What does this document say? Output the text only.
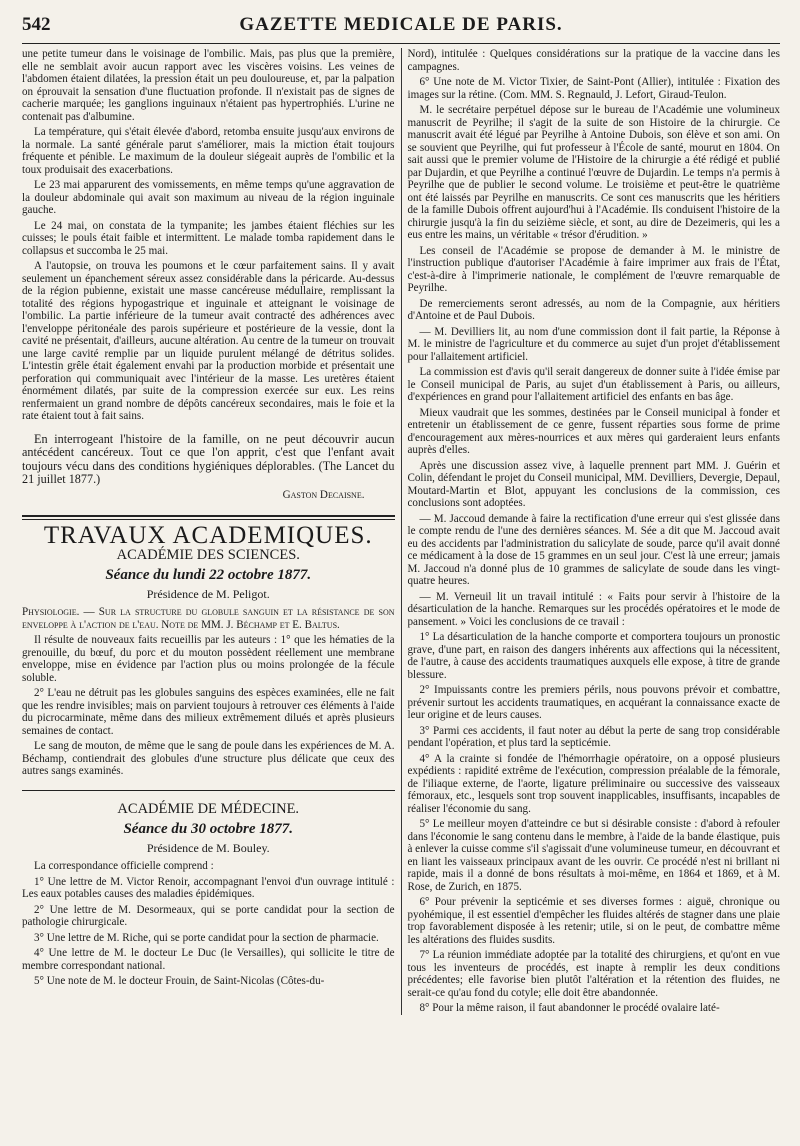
542	GAZETTE MEDICALE DE PARIS.

une petite tumeur dans le voisinage de l'ombilic. Mais, pas plus que la première, elle ne semblait avoir aucun rapport avec les viscères voisins. Les veines de l'abdomen étaient dilatées, la pression était un peu douloureuse, et, par la palpation on éprouvait la sensation d'une fluctuation profonde. Il n'existait pas de signes de cacherie marquée; les ganglions inguinaux n'étaient pas hypertrophiés. L'urine ne contenait pas d'albumine.

La température, qui s'était élevée d'abord, retomba ensuite jusqu'aux environs de la normale. La santé générale parut s'améliorer, mais la miction était toujours fréquente et pénible. Le maximum de la douleur siégeait auprès de l'ombilic et la toux produisait des exacerbations.

Le 23 mai apparurent des vomissements, en même temps qu'une aggravation de la douleur abdominale qui avait son maximum au niveau de la région inguinale gauche.

Le 24 mai, on constata de la tympanite; les jambes étaient fléchies sur les cuisses; le pouls était faible et intermittent. Le malade tomba rapidement dans le collapsus et succomba le 25 mai.

A l'autopsie, on trouva les poumons et le cœur parfaitement sains. Il y avait seulement un épanchement séreux assez considérable dans la péricarde. Au-dessus de la région pubienne, existait une masse cancéreuse médullaire, remplissant la totalité des régions hypogastrique et inguinale et atteignant le voisinage de l'ombilic. La partie inférieure de la tumeur avait contracté des adhérences avec l'enveloppe péritonéale des parois supérieure et postérieure de la vessie, dont la cavité ne présentait, d'ailleurs, aucune altération. Au centre de la tumeur on trouvait une large cavité remplie par un liquide purulent mélangé de détritus solides. L'intestin grêle était également envahi par la production morbide et présentait une perforation qui communiquait avec l'intérieur de la masse. Les uretères étaient énormément dilatés, par suite de la compression exercée sur eux. Les reins renfermaient un grand nombre de dépôts cancéreux secondaires, mais le foie et la rate étaient tout à fait sains.

En interrogeant l'histoire de la famille, on ne peut découvrir aucun antécédent cancéreux. Tout ce que l'on apprit, c'est que l'enfant avait toujours vécu dans des conditions hygiéniques déplorables. (The Lancet du 21 juillet 1877.)

Gaston Decaisne.

TRAVAUX ACADEMIQUES.
ACADÉMIE DES SCIENCES.
Séance du lundi 22 octobre 1877.
Présidence de M. Peligot.

Physiologie. — Sur la structure du globule sanguin et la résistance de son enveloppe à l'action de l'eau. Note de MM. J. Béchamp et E. Baltus.

Il résulte de nouveaux faits recueillis par les auteurs : 1° que les hématies de la grenouille, du bœuf, du porc et du mouton possèdent réellement une membrane enveloppe, mise en évidence par l'action plus ou moins prolongée de la fécule soluble.

2° L'eau ne détruit pas les globules sanguins des espèces examinées, elle ne fait que les rendre invisibles; mais on parvient toujours à retrouver ces éléments à l'aide du picrocarminate, même dans des milieux extrêmement dilués et après plusieurs semaines de contact.

Le sang de mouton, de même que le sang de poule dans les expériences de M. A. Béchamp, contiendrait des globules d'une structure plus délicate que ceux des autres sangs examinés.

ACADÉMIE DE MÉDECINE.
Séance du 30 octobre 1877.
Présidence de M. Bouley.

La correspondance officielle comprend :

1° Une lettre de M. Victor Renoir, accompagnant l'envoi d'un ouvrage intitulé : Les eaux potables causes des maladies épidémiques.

2° Une lettre de M. Desormeaux, qui se porte candidat pour la section de pathologie chirurgicale.

3° Une lettre de M. Riche, qui se porte candidat pour la section de pharmacie.

4° Une lettre de M. le docteur Le Duc (le Versailles), qui sollicite le titre de membre correspondant national.

5° Une note de M. le docteur Frouin, de Saint-Nicolas (Côtes-du-

Nord), intitulée : Quelques considérations sur la pratique de la vaccine dans les campagnes.

6° Une note de M. Victor Tixier, de Saint-Pont (Allier), intitulée : Fixation des images sur la rétine. (Com. MM. S. Regnauld, J. Lefort, Giraud-Teulon.

M. le secrétaire perpétuel dépose sur le bureau de l'Académie une volumineux manuscrit de Peyrilhe; il s'agit de la suite de son Histoire de la chirurgie. Ce manuscrit avait été légué par Peyrilhe à Antoine Dubois, son élève et son ami. On se souvient que Peyrilhe, qui fut professeur à l'École de santé, mourut en 1804. On sait aussi que le premier volume de l'Histoire de la chirurgie a été rédigé et publié par Dujardin, et que Peyrilhe a continué l'œuvre de Dujardin. Le temps n'a permis à Peyrilhe que de publier le second volume. Le troisième et peut-être le quatrième ont été laissés par Peyrilhe en manuscrits. Ce sont ces manuscrits que les héritiers de la famille Dubois offrent aujourd'hui à l'Académie. Ils conduisent l'histoire de la chirurgie jusqu'à la fin du seizième siècle, et sont, au dire de Dezeimeris, qui les a eus entre les mains, un véritable « trésor d'érudition. »

Les conseil de l'Académie se propose de demander à M. le ministre de l'instruction publique d'autoriser l'Académie à faire imprimer aux frais de l'État, c'est-à-dire à l'imprimerie nationale, le complément de l'œuvre remarquable de Peyrilhe.

De remerciements seront adressés, au nom de la Compagnie, aux héritiers d'Antoine et de Paul Dubois.

— M. Devilliers lit, au nom d'une commission dont il fait partie, la Réponse à M. le ministre de l'agriculture et du commerce au sujet d'un projet d'établissement pour l'allaitement artificiel.

La commission est d'avis qu'il serait dangereux de donner suite à l'idée émise par le Conseil municipal de Paris, au sujet d'un établissement à Paris, ou ailleurs, d'expériences en grand pour l'allaitement artificiel des enfants en bas âge.

Mieux vaudrait que les sommes, destinées par le Conseil municipal à fonder et entretenir un établissement de ce genre, fussent réparties sous forme de prime d'encouragement aux mères-nourrices et aux mères qui garderaient leurs enfants auprès d'elles.

Après une discussion assez vive, à laquelle prennent part MM. J. Guérin et Colin, défendant le projet du Conseil municipal, MM. Devilliers, Devergie, Depaul, Moutard-Martin et Blot, appuyant les conclusions de la commission, ces conclusions sont adoptées.

— M. Jaccoud demande à faire la rectification d'une erreur qui s'est glissée dans le compte rendu de l'une des dernières séances. M. Sée a dit que M. Jaccoud avait eu des accidents par l'administration du salicylate de soude, parce qu'il avait donné ce médicament à la dose de 15 grammes en un seul jour. C'est là une erreur; jamais M. Jaccoud n'a donné plus de 10 grammes de salicylate de soude dans les vingt-quatre heures.

— M. Verneuil lit un travail intitulé : « Faits pour servir à l'histoire de la désarticulation de la hanche. Remarques sur les procédés opératoires et le mode de pansement. » Voici les conclusions de ce travail :

1° La désarticulation de la hanche comporte et comportera toujours un pronostic grave, d'une part, en raison des dangers inhérents aux affections qui la nécessitent, de l'autre, à cause des accidents traumatiques auxquels elle expose, à titre de grande blessure.

2° Impuissants contre les premiers périls, nous pouvons prévoir et combattre, prévenir surtout les accidents traumatiques, en acquérant la connaissance exacte de leur origine et de leurs causes.

3° Parmi ces accidents, il faut noter au début la perte de sang trop considérable pendant l'opération, et plus tard la septicémie.

4° A la crainte si fondée de l'hémorrhagie opératoire, on a opposé plusieurs expédients : rapidité extrême de l'exécution, compression préalable de la fémorale, de l'iliaque externe, de l'aorte, ligature préliminaire ou successive des vaisseaux fémoraux, etc., lesquels sont trop souvent inapplicables, insuffisants, incapables de réaliser l'économie du sang.

5° Le meilleur moyen d'atteindre ce but si désirable consiste : d'abord à refouler dans l'économie le sang contenu dans le membre, à l'aide de la bande élastique, puis à enlever la cuisse comme s'il s'agissait d'une volumineuse tumeur, en découvrant et en liant les vaisseaux principaux avant de les ouvrir. Ce procédé n'est ni brillant ni rapide, mais il a donné de bons résultats à moi-même, en 1864 et 1869, et à M. Rose, de Zurich, en 1875.

6° Pour prévenir la septicémie et ses diverses formes : aiguë, chronique ou pyohémique, il est essentiel d'empêcher les fluides altérés de stagner dans une plaie trop favorablement disposée à les retenir; utile, si on le peut, de combattre même les altérations des fluides susdits.

7° La réunion immédiate adoptée par la totalité des chirurgiens, et qu'ont en vue tous les inventeurs de procédés, est inapte à remplir les deux conditions précédentes; elle favorise bien plutôt l'altération et la rétention des fluides, ne serait-ce qu'au fond du cotyle; elle doit être abandonnée.

8° Pour la même raison, il faut abandonner le procédé ovalaire laté-
